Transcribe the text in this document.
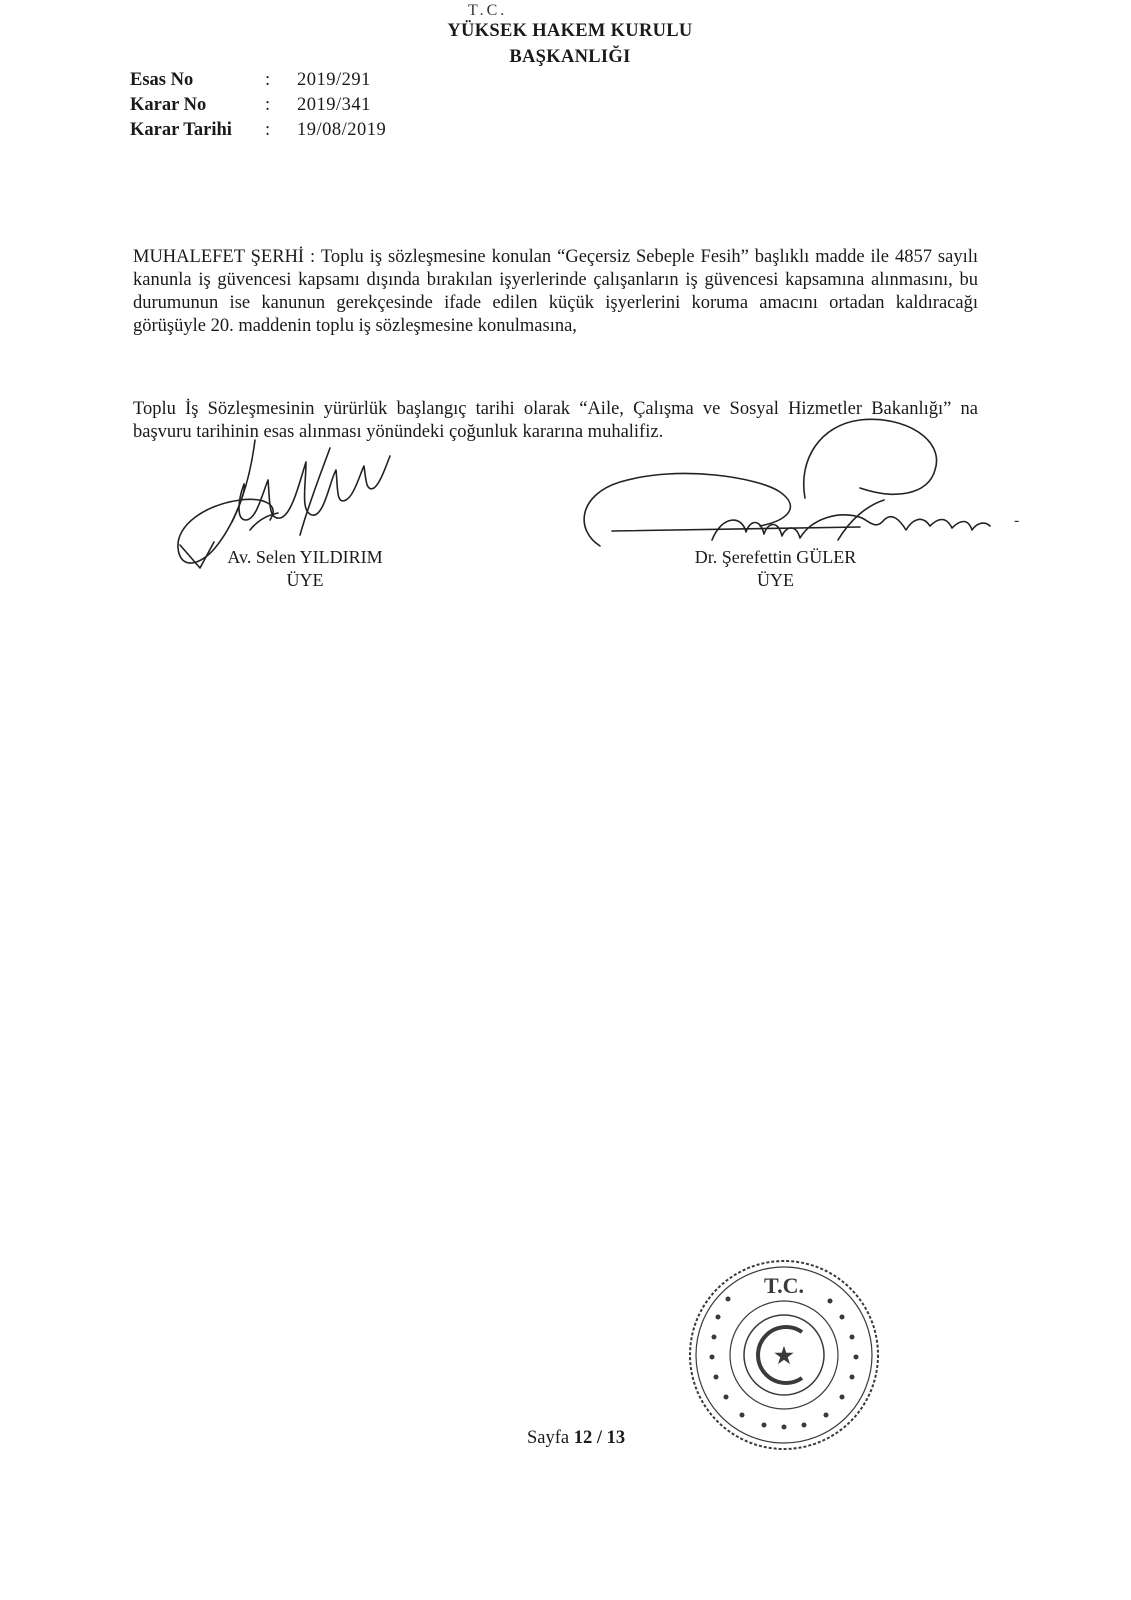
T.C.
YÜKSEK HAKEM KURULU
BAŞKANLIĞI
Esas No	:	2019/291
Karar No	:	2019/341
Karar Tarihi	:	19/08/2019

MUHALEFET ŞERHİ : Toplu iş sözleşmesine konulan “Geçersiz Sebeple Fesih” başlıklı madde ile 4857 sayılı kanunla iş güvencesi kapsamı dışında bırakılan işyerlerinde çalışanların iş güvencesi kapsamına alınmasını, bu durumunun ise kanunun gerekçesinde ifade edilen küçük işyerlerini koruma amacını ortadan kaldıracağı görüşüyle 20. maddenin toplu iş sözleşmesine konulmasına,

Toplu İş Sözleşmesinin yürürlük başlangıç tarihi olarak “Aile, Çalışma ve Sosyal Hizmetler Bakanlığı” na başvuru tarihinin esas alınması yönündeki çoğunluk kararına muhalifiz.

Av. Selen YILDIRIM
ÜYE
Dr. Şerefettin GÜLER
ÜYE
-
T.C.
★
Sayfa 12 / 13
